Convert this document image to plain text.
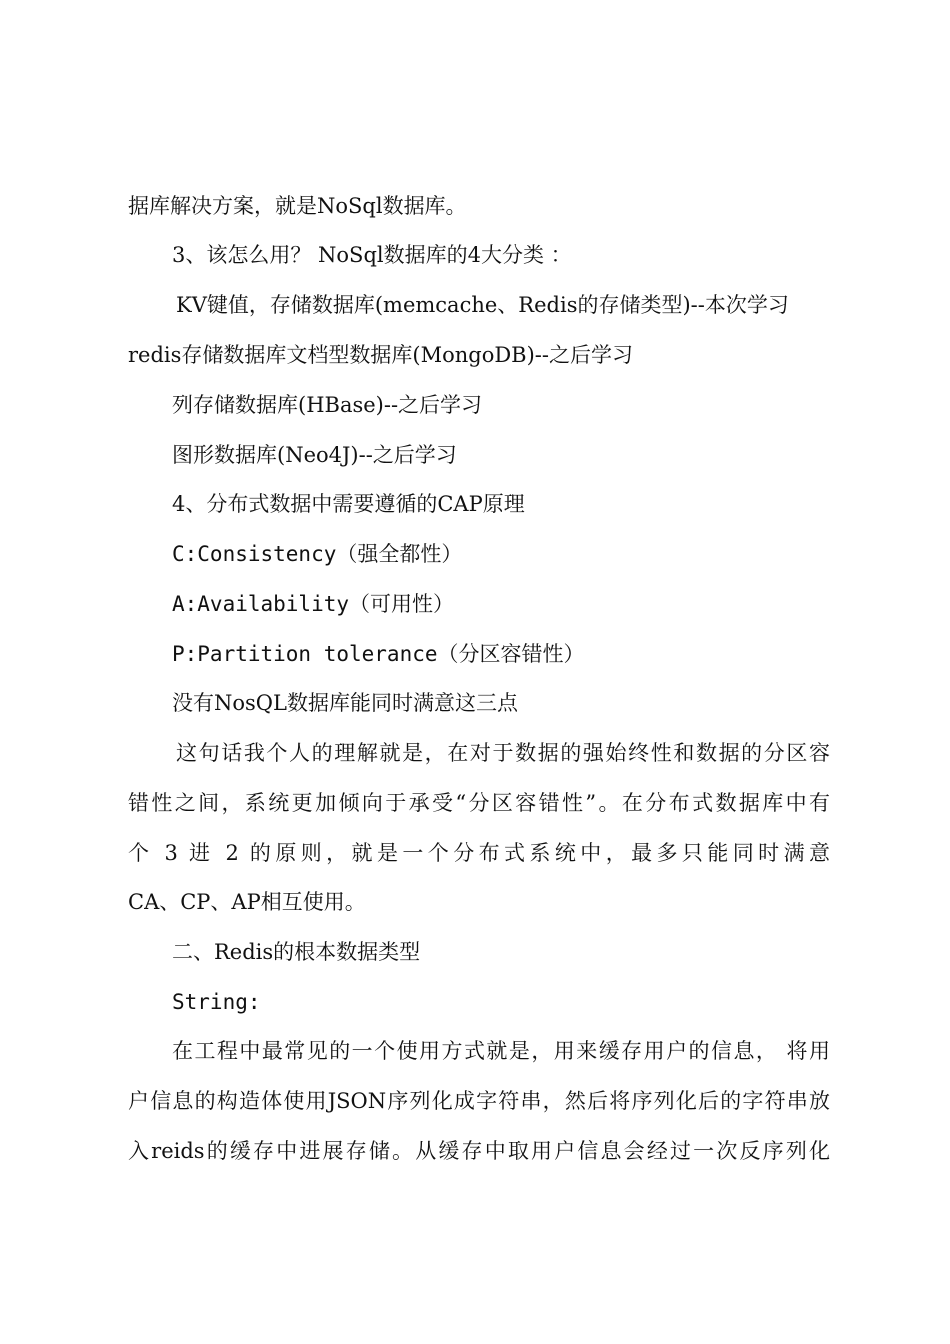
据库解决方案，就是NoSql数据库。
3、该怎么用？ NoSql数据库的4大分类 ：
KV键值，存储数据库(memcache、Redis的存储类型)--本次学习
redis存储数据库文档型数据库(MongoDB)--之后学习
列存储数据库(HBase)--之后学习
图形数据库(Neo4J)--之后学习
4、分布式数据中需要遵循的CAP原理
C:Consistency（强全都性）
A:Availability（可用性）
P:Partition tolerance（分区容错性）
没有NosQL数据库能同时满意这三点
这句话我个人的理解就是，在对于数据的强始终性和数据的分区容
错性之间，系统更加倾向于承受“分区容错性”。在分布式数据库中有
个 3 进 2 的原则，就是一个分布式系统中，最多只能同时满意
CA、CP、AP相互使用。
二、Redis的根本数据类型
String:
在工程中最常见的一个使用方式就是，用来缓存用户的信息， 将用
户信息的构造体使用JSON序列化成字符串，然后将序列化后的字符串放
入reids的缓存中进展存储。从缓存中取用户信息会经过一次反序列化
